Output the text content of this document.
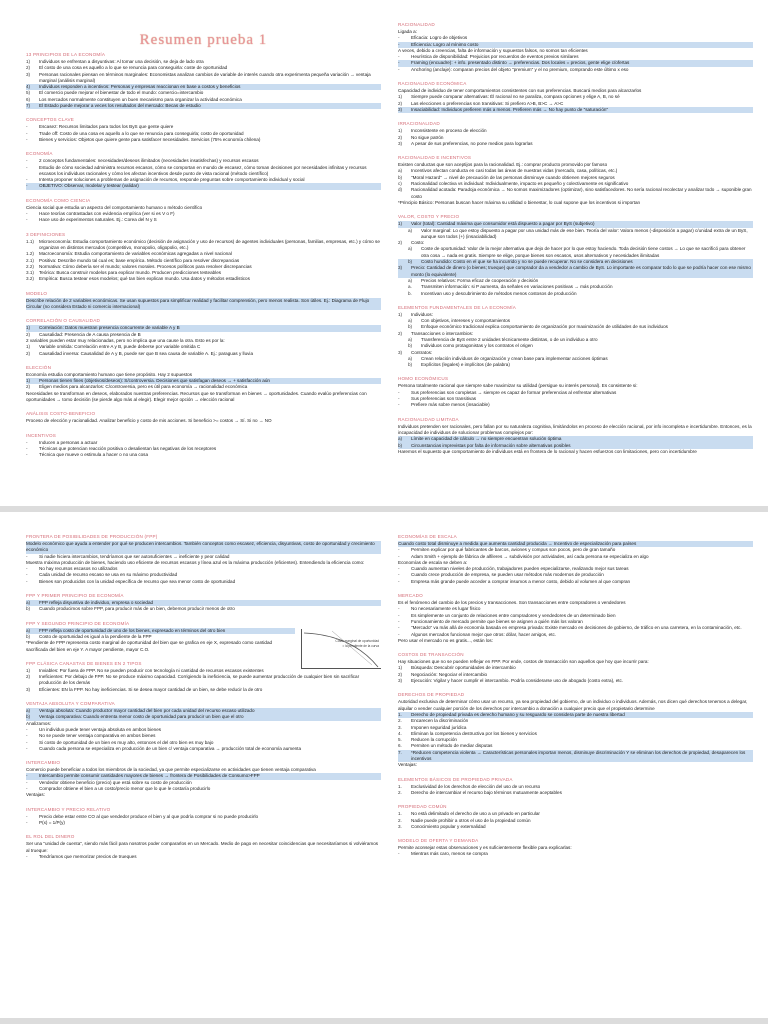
Resumen prueba 1
13 PRINCIPIOS DE LA ECONOMÍA
1)	Individuos se enfrentan a disyuntivas: Al tomar una decisión, se deja de lado otra
2)	El costo de una cosa es aquello a lo que se renuncia para conseguirla: coste de oportunidad
3)	Personas racionales piensan en términos marginales: Economistas analizan cambios de variable de interés cuando otra experimenta pequeña variación → ventaja marginal (análisis marginal)
4)	Individuos responden a incentivos: Personas y empresas reaccionan en base a costos y beneficios
5)	El comercio puede mejorar el bienestar de todo el mundo: comercio=intercambio
6)	Los mercados normalmente constituyen un buen mecanismo para organizar la actividad económica
7)	El Estado puede mejorar a veces los resultados del mercado: Becas de estudio
CONCEPTOS CLAVE
-	Escasez: Recursos limitados para todos los ByS que gente quiere
-	Trade off: Costo de una cosa es aquello a lo que se renuncia para conseguirla; costo de oportunidad
-	Bienes y servicios: Objetos que quiere gente para satisfacer necesidades. Servicios (75% economía chilena)
ECONOMÍA
-	2 conceptos fundamentales: necesidades/deseos ilimitados (necesidades insatisfechas) y recursos escasos
-	Estudio de cómo sociedad administra recursos escasos, cómo se comportan en mundo de escasez, cómo toman decisiones por necesidades infinitas y recursos escasos los individuos racionales y cómo les afectan incentivos desde punto de vista racional (método científico)
-	Intenta proponer soluciones a problemas de asignación de recursos, responde preguntas sobre comportamiento individual y social
-	OBJETIVO: Observar, modelar y testear (validar)
ECONOMÍA COMO CIENCIA
Ciencia social que estudia un aspecto del comportamiento humano x método científico
-	Hace teorías contrastadas con evidencia empírica (ver si es V o F)
-	Hace uso de experimentos naturales. Ej.: Corea del N y S
3 DEFINICIONES
1.1)	Microeconomía: Estudia comportamiento económico (decisión de asignación y uso de recursos) de agentes individuales (personas, familias, empresas, etc.) y cómo se organizan en distintos mercados (competitivo, monopolio, oligopolio, etc.)
1.2)	Macroeconomía: Estudia comportamiento de variables económicas agregadas a nivel nacional
2.1)	Positiva: Describe mundo tal cual es; base empírica. Método científico para resolver discrepancias
2.2)	Normativa: Cómo debería ser el mundo; valores morales. Procesos políticos para resolver discrepancias
3.1)	Teórica: Busca construir modelos para explicar mundo. Producen predicciones testeables
3.2)	Empírica: Busca testear esos modelos; qué tan bien explican mundo. Usa datos y métodos estadísticos
MODELO
Describe relación de 2 variables económicas. Se usan supuestos para simplificar realidad y facilitar comprensión, pero menos realista. Son útiles. Ej.: Diagrama de Flujo Circular (no considera Estado ni comercio internacional)
CORRELACIÓN O CAUSALIDAD
1)	Correlación: Datos muestran presencia concurrente de variable A y B
2)	Causalidad: Presencia de A causa presencia de B
2 variables pueden estar muy relacionadas, pero no implica que una cause la otra. Esto es por la:
1)	Variable omitida: Correlación entre A y B, puede deberse por variable omitida C
2)	Causalidad inversa: Causalidad de A y B, puede ser que B sea causa de variable A. Ej.: paraguas y lluvia
ELECCIÓN
Economía estudia comportamiento humano que tiene propósito. Hay 2 supuestos
1)	Personas tienen fines (objetivos/deseos): S/controversia. Decisiones que satisfagan deseos → + satisfacción aún
2)	Eligen medios para alcanzarlos: C/controversia, pero es útil para economía → racionalidad económica
Necesidades se transforman en deseos, elaborados nuestras preferencias. Recursos que se transforman en bienes → oportunidades. Cuando evalúo preferencias con oportunidades → tomo decisión (se pierde algo más al elegir). Elegir mejor opción → elección racional
ANÁLISIS COSTO-BENEFICIO
Proceso de elección y racionalidad. Analizar beneficio y costo de mis acciones. Si beneficio >= costos → Sí. Si no → NO
INCENTIVOS
-	Inducen a personas a actuar
-	Técnicas que potencian reacción positiva o desalientan las negativas de los receptores
-	Técnica que mueve o estimula a hacer o no una cosa
RACIONALIDAD
Ligada a:
-	Eficacia: Logro de objetivos
-	Eficiencia: Logro al mínimo costo
A veces, debido a creencias, falta de información y supuestos falsos, no somos tan eficientes
-	Heurística de disponibilidad: Prejuicios por recuerdos de eventos previos similares
-	Framing (encuadre): + info. presentado distinto → preferencias. Dos locales = precios, gente elige c/ofertas
-	Anchoring (anclaje): comparan precios del objeto "premium" y el no premium, comprando este último x eso
RACIONALIDAD ECONÓMICA
Capacidad de individuo de tener comportamientos consistentes con sus preferencias. Buscará medios para alcanzarlos
1)	Siempre puede comparar alternativas: Él racional no se paraliza, compara opciones y elige A, B, no sé
2)	Las elecciones o preferencias son transitivas: Si prefiero A>B, B>C → A>C
3)	Insaciabilidad: Individuos prefieren más a menos. Prefieren más → No hay punto de "saturación"
IRRACIONALIDAD
1)	Inconsistente en proceso de elección
2)	No sigue patrón
3)	A pesar de sus preferencias, no pone medios para lograrlas
RACIONALIDAD E INCENTIVOS
Existen conductas que son aceptijos para la racionalidad. Ej.: comprar producto promovido por famoso
a)	Incentivos afectan conducta en casi todas las áreas de nuestras vidas (mercado, casa, políticas, etc.)
b)	"Moral Hazard" → nivel de precaución de las personas disminuye cuando obtienen mejores seguros
c)	Racionalidad colectiva vs individual: Individualmente, impacto es pequeño y colectivamente es significativo
d)	Racionalidad acotada: Paradoja económica → No somos maximizadores (optimizar), sino satisfacedores. No sería racional recolectar y analizar todo → suponible gran costo
*Principio Básico: Personas buscan hacer máxima su utilidad o bienestar, lo cual supone que los incentivos si importan
VALOR, COSTO Y PRECIO
1)	Valor (total): Cantidad máxima que consumidor está dispuesto a pagar por ByS (subjetivo)
a)	Valor marginal: Lo que estoy dispuesto a pagar por una unidad más de ese bien. Teoría del valor: Valora menos (-disposición a pagar) c/unidad extra de un ByS, aunque son todos (+) (insaciabilidad)
2)	Costo:
a)	Coste de oportunidad: Valor de la mejor alternativa que dejo de hacer por lo que estoy haciendo. Toda decisión tiene costos → Lo que se sacrificó para obtener otra cosa → nada es gratis. Siempre se elige, porque bienes son escasos, usos alternativos y necesidades ilimitadas
b)	Costo hundido: Costo en el que se ha incurrido y no se puede recuperar. No se considera en decisiones
3)	Precio: Cantidad de dinero (o bienes; trueque) que comprador da a vendedor a cambio de ByS. Lo importante es comparar todo lo que se podría hacer con ese mismo monto (lo equivalente)
a)	Precios relativos: Forma eficaz de cooperación y decisión
a.	Transmiten información: si P aumenta, da señales en variaciones positivas → más producción
b.	Incentivan uso y descubrimiento de métodos menos costosos de producción
ELEMENTOS FUNDAMENTALES DE LA ECONOMÍA
1)	Individuos:
a)	Con objetivos, intereses y comportamientos
b)	Enfoque económico tradicional explica comportamiento de organización por maximización de utilidades de sus individuos
2)	Transacciones o intercambios:
a)	Transferencia de ByS entre 2 unidades técnicamente distintas, o de un individuo a otro
b)	Individuos como protagonistas y los contratos el origen
3)	Contratos:
a)	Crean relación individuos de organización y crean base para implementar acciones óptimas
b)	Explícitos (legales) e implícitos (de palabra)
HOMO ECONÓMICUS
Persona totalmente racional que siempre sabe maximizar su utilidad (persigue su interés personal). Es consistente si:
-	Sus preferencias son completas → siempre es capaz de formar preferencias al enfrentar alternativas
-	Sus preferencias son transitivas
-	Prefiere más sobre menos (insaciable)
RACIONALIDAD LIMITADA
Individuos pretenden ser racionales, pero fallan por su naturaleza cognitiva, limitándolos en proceso de elección racional, por info incompleta e incertidumbre. Entonces, es la incapacidad de individuos de solucionar problemas complejos por:
a)	Límite en capacidad de cálculo → no siempre encuentran solución óptima
b)	Circunstancias imprevistas por falta de información sobre alternativas posibles
Haremos el supuesto que comportamiento de individuos está en frontera de lo racional y hacen esfuerzos con limitaciones, pero con incertidumbre
FRONTERA DE POSIBILIDADES DE PRODUCCIÓN (FPP)
Modelo económico que ayuda a entender por qué se producen intercambios. También conceptos como escasez, eficiencia, disyuntivas, costo de oportunidad y crecimiento económico
-	Si nadie hiciera intercambios, tendríamos que ser autosuficientes → ineficiente y peor calidad
Muestra máxima producción de bienes, haciendo uso eficiente de recursos escasos y línea azul es la máxima producción (eficientes). Entendiendo la eficiencia como:
-	No hay recursos escasos no utilizados
-	Cada unidad de recurso escaso se usa en su máximo productividad
-	Bienes son producidos con la unidad específica de recurso que sea menor costo de oportunidad
FPP Y PRIMER PRINCIPIO DE ECONOMÍA
a)	FPP refleja disyuntiva de individuo, empresa o sociedad
b)	Cuando producimos sobre FPP, para producir más de un bien, debemos producir menos de otro
FPP Y SEGUNDO PRINCIPIO DE ECONOMÍA
Costo marginal de oportunidad
= la pendiente de la curva
a)	FPP refleja costo de oportunidad de uno de los bienes, expresado en términos del otro bien
b)	Costo de oportunidad es igual a la pendiente de la FPP
*Pendiente de FPP representa costo marginal de oportunidad del bien que se grafica en eje X, expresado como cantidad sacrificada del bien en eje Y. A mayor pendiente, mayor C.O.
FPP CLÁSICA CANASTAS DE BIENES EN 2 TIPOS
1)	Inviables: Por fuera de FPP. No se pueden producir con tecnología ni cantidad de recursos escasos existentes
2)	Ineficientes: Por debajo de FPP. No se produce máximo capacidad. Corrigiendo la ineficiencia, se puede aumentar producción de cualquier bien sin sacrificar producción de los demás
3)	Eficientes: EN la FPP. No hay ineficiencias. Si se desea mayor cantidad de un bien, se debe reducir la de otro
VENTAJA ABSOLUTA Y COMPARATIVA
a)	Ventaja absoluta: Cuando productor mayor cantidad del bien por cada unidad del recurso escaso utilizado
b)	Ventaja comparativa: Cuando entrenta menor costo de oportunidad para producir un bien que el otro
Analizamos:
-	Un individuo puede tener ventaja absoluta en ambos bienes
-	No se puede tener ventaja comparativa en ambos bienes
-	Si costo de oportunidad de un bien es muy alto, entonces el del otro bien es muy bajo
-	Cuando cada persona se especializa en producción de un bien c/ ventaja comparativa → producción total de economía aumenta
INTERCAMBIO
Comercio puede beneficiar a todos los miembros de la sociedad, ya que permite especializarse en actividades que tienen ventaja comparativa
-	Intercambio permite consumir cantidades mayores de bienes → frontera de Posibilidades de Consumo>FPP
-	Vendedor obtiene beneficio (precio) que está sobre su costo de producción
-	Comprador obtiene el bien a un costo/precio menor que lo que le costaría producirlo
Ventajas:
INTERCAMBIO Y PRECIO RELATIVO
-	Precio debe estar entre CO al que vendedor produce el bien y al que podría comprar si no puede producirlo
-	P(x) = 1/P(y)
EL ROL DEL DINERO
Ser una "unidad de cuenta", siendo más fácil para nosotros poder compararlos en un Mercado. Medio de pago en necesitar coincidencias que necesitaríamos si volviéramos al trueque:
-	Tendríamos que memorizar precios de trueques
ECONOMÍAS DE ESCALA
Cuando costo total disminuye a medida que aumenta cantidad producida → Incentivo de especialización para países
-	Permiten explicar por qué fabricantes de barcos, aviones y compus son pocos, pero de gran tamaño
-	Adam Smith + ejemplo de fábrica de alfileres → subdivisión por actividades, así cada persona se especializa en algo
Economías de escala se deben a:
-	Cuando aumentan niveles de producción, trabajadores pueden especializarse, realizando mejor sus tareas
-	Cuando crece producción de empresa, se pueden usar métodos más modernos de producción
-	Empresa más grande puede acceder a comprar insumos a menor costo, debido al volumen al que compran
MERCADO
Es el fenómeno del cambio de los precios y transacciones. Son transacciones entre compradores o vendedores
-	No necesariamente es lugar físico
-	Es simplemente un conjunto de relaciones entre compradores y vendedores de un determinado bien
-	Funcionamiento de mercado permite que bienes se asignen a quién más los valoran
-	"Mercado" va más allá de economía basada en empresa privada: Existe mercado en decisiones de gobierno, de tráfico en una carretera, en la contaminación, etc.
-	Algunos mercados funcionan mejor que otros: dólar, hacer amigos, etc.
Pero usar el mercado no es gratis..., están los:
COSTOS DE TRANSACCIÓN
Hay situaciones que no se pueden reflejar en FPP. Por ende, costos de transacción son aquellos que hoy que incurrir para:
1)	Búsqueda: Descubrir oportunidades de intercambio
2)	Negociación: Negociar el intercambio
3)	Ejecución: Vigilar y hacer cumplir el intercambio. Podría considerarse uso de abogado (costo extra), etc.
DERECHOS DE PROPIEDAD
Autoridad exclusiva de determinar cómo usar un recurso, ya sea propiedad del gobierno, de un individuo o individuos. Además, nos dicen qué derechos tenemos a delegar, alquilar o vender cualquier porción de los derechos por intercambio a donación a cualquier precio que el propietario determine
1.	Derecho de propiedad privada es derecho humano y su resguardo se considera parte de nuestra libertad
2.	Encarecen la discriminación
3.	Imponen seguridad jurídica
4.	Eliminan la competencia destructiva por los bienes y servicios
5.	Reducen la corrupción
6.	Permiten un método de mediar disputas
7.	*Reducen competencia violenta → Características personales importan menos, disminuye discriminación Y se eliminan los derechos de propiedad, desaparecen los incentivos
Ventajas:
ELEMENTOS BÁSICOS DE PROPIEDAD PRIVADA
1.	Exclusividad de los derechos de elección del uso de un recurso
2.	Derecho de intercambiar el recurso bajo términos mutuamente aceptables
PROPIEDAD COMÚN
1.	No está delimitado el derecho de uso a un privado en particular
2.	Nadie puede prohibir a otros el uso de la propiedad común
3.	Conocimiento popular y externalidad
MODELO DE OFERTA Y DEMANDA
Permite aconsejar estas observaciones y es suficientemente flexible para explicarlas:
-	Mientras más caro, menos se compra
